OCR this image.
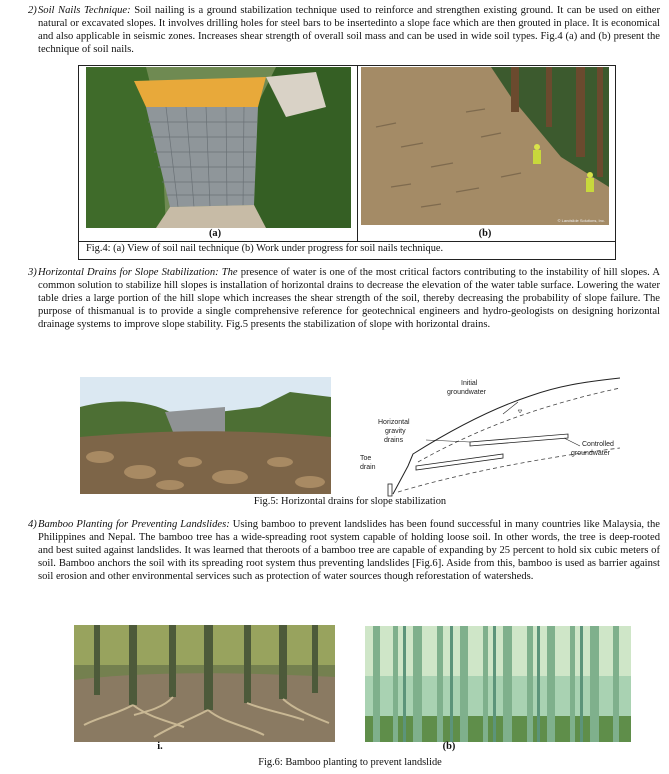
2) Soil Nails Technique: Soil nailing is a ground stabilization technique used to reinforce and strengthen existing ground. It can be used on either natural or excavated slopes. It involves drilling holes for steel bars to be insertedinto a slope face which are then grouted in place. It is economical and also applicable in seismic zones. Increases shear strength of overall soil mass and can be used in wide soil types. Fig.4 (a) and (b) present the technique of soil nails.
© Landslide Solutions, Inc.
(a)	(b)
Fig.4: (a) View of soil nail technique (b) Work under progress for soil nails technique.
3) Horizontal Drains for Slope Stabilization: The presence of water is one of the most critical factors contributing to the instability of hill slopes. A common solution to stabilize hill slopes is installation of horizontal drains to decrease the elevation of the water table surface. Lowering the water table dries a large portion of the hill slope which increases the shear strength of the soil, thereby decreasing the probability of slope failure. The purpose of thismanual is to provide a single comprehensive reference for geotechnical engineers and hydro-geologists on designing horizontal drainage systems to improve slope stability. Fig.5 presents the stabilization of slope with horizontal drains.
Initial
groundwater
Horizontal
gravity
drains
Toe
drain
Controlled
groundwater
Fig.5: Horizontal drains for slope stabilization
4) Bamboo Planting for Preventing Landslides: Using bamboo to prevent landslides has been found successful in many countries like Malaysia, the Philippines and Nepal. The bamboo tree has a wide-spreading root system capable of holding loose soil. In other words, the tree is deep-rooted and best suited against landslides. It was learned that theroots of a bamboo tree are capable of expanding by 25 percent to hold six cubic meters of soil. Bamboo anchors the soil with its spreading root system thus preventing landslides [Fig.6]. Aside from this, bamboo is used as barrier against soil erosion and other environmental services such as protection of water sources though reforestation of watersheds.
i.	(b)
Fig.6: Bamboo planting to prevent landslide
